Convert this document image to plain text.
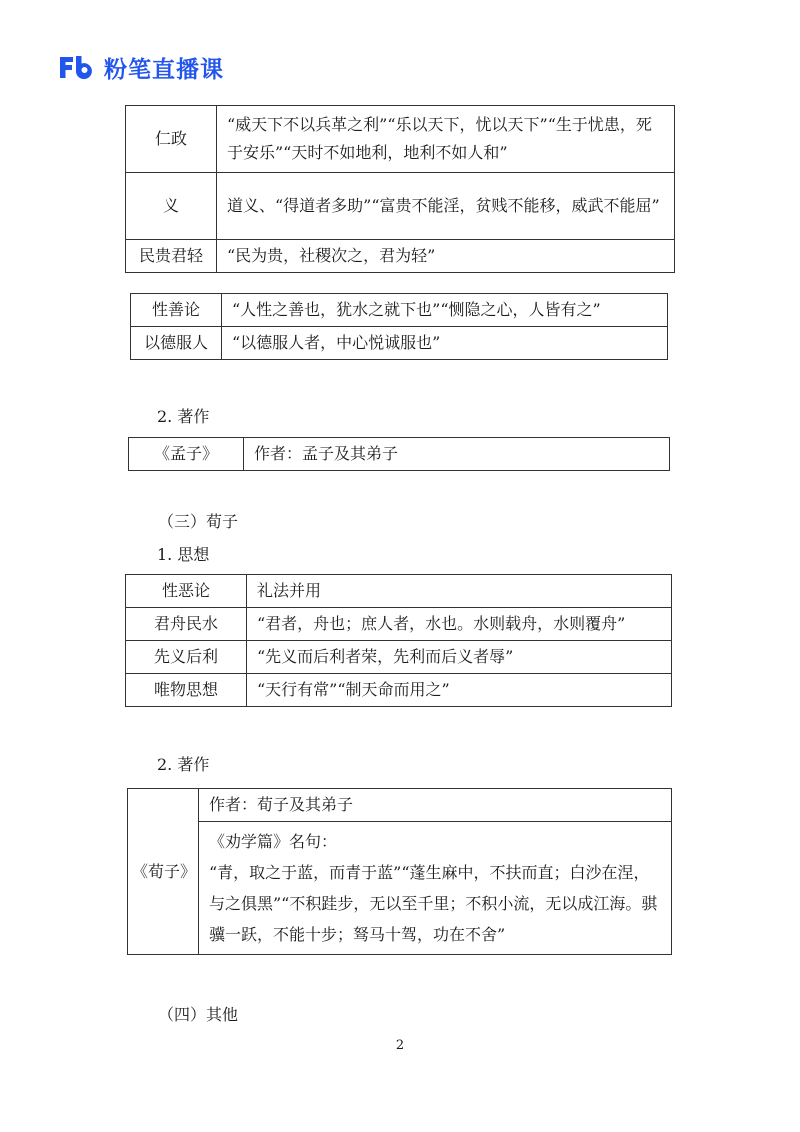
粉笔直播课
仁政	“威天下不以兵革之利”“乐以天下，忧以天下”“生于忧患，死于安乐”“天时不如地利，地利不如人和”
义	道义、“得道者多助”“富贵不能淫，贫贱不能移，威武不能屈”
民贵君轻	“民为贵，社稷次之，君为轻”
性善论	“人性之善也，犹水之就下也”“恻隐之心，人皆有之”
以德服人	“以德服人者，中心悦诚服也”
2. 著作
《孟子》	作者：孟子及其弟子
（三）荀子
1. 思想
性恶论	礼法并用
君舟民水	“君者，舟也；庶人者，水也。水则载舟，水则覆舟”
先义后利	“先义而后利者荣，先利而后义者辱”
唯物思想	“天行有常”“制天命而用之”
2. 著作
《荀子》	作者：荀子及其弟子

《劝学篇》名句：
“青，取之于蓝，而青于蓝”“蓬生麻中，不扶而直；白沙在涅，与之俱黑”“不积跬步，无以至千里；不积小流，无以成江海。骐骥一跃，不能十步；驽马十驾，功在不舍”
（四）其他
2
